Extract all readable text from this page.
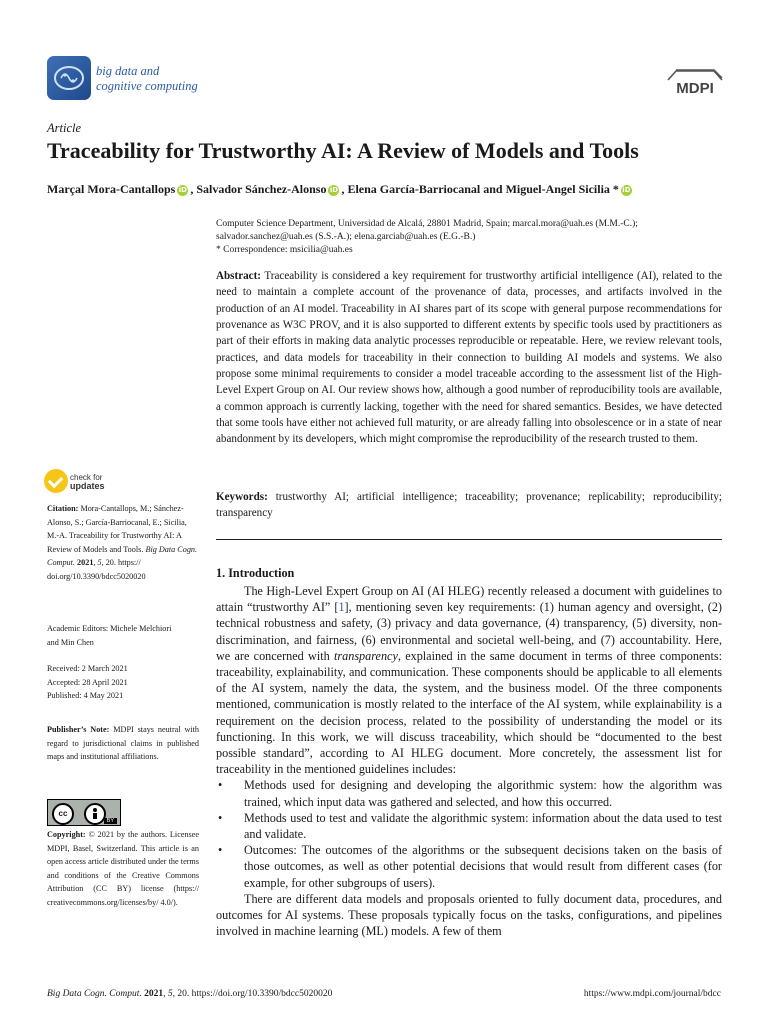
big data and
cognitive computing	MDPI
Article
Traceability for Trustworthy AI: A Review of Models and Tools
Marçal Mora-Cantallops iD , Salvador Sánchez-Alonso iD , Elena García-Barriocanal and Miguel-Angel Sicilia * iD
Computer Science Department, Universidad de Alcalá, 28801 Madrid, Spain; marcal.mora@uah.es (M.M.-C.);
salvador.sanchez@uah.es (S.S.-A.); elena.garciab@uah.es (E.G.-B.)
* Correspondence: msicilia@uah.es

Abstract: Traceability is considered a key requirement for trustworthy artificial intelligence (AI), related to the need to maintain a complete account of the provenance of data, processes, and artifacts involved in the production of an AI model. Traceability in AI shares part of its scope with general purpose recommendations for provenance as W3C PROV, and it is also supported to different extents by specific tools used by practitioners as part of their efforts in making data analytic processes reproducible or repeatable. Here, we review relevant tools, practices, and data models for traceability in their connection to building AI models and systems. We also propose some minimal requirements to consider a model traceable according to the assessment list of the High-Level Expert Group on AI. Our review shows how, although a good number of reproducibility tools are available, a common approach is currently lacking, together with the need for shared semantics. Besides, we have detected that some tools have either not achieved full maturity, or are already falling into obsolescence or in a state of near abandonment by its developers, which might compromise the reproducibility of the research trusted to them.

Keywords: trustworthy AI; artificial intelligence; traceability; provenance; replicability; reproducibility; transparency

check for
updates
Citation: Mora-Cantallops, M.; Sánchez-Alonso, S.; García-Barriocanal, E.; Sicilia, M.-A. Traceability for Trustworthy AI: A Review of Models and Tools. Big Data Cogn. Comput. 2021, 5, 20. https:// doi.org/10.3390/bdcc5020020
Academic Editors: Michele Melchiori
and Min Chen
Received: 2 March 2021
Accepted: 28 April 2021
Published: 4 May 2021
Publisher’s Note: MDPI stays neutral with regard to jurisdictional claims in published maps and institutional affiliations.
cc
BY
Copyright: © 2021 by the authors. Licensee MDPI, Basel, Switzerland. This article is an open access article distributed under the terms and conditions of the Creative Commons Attribution (CC BY) license (https:// creativecommons.org/licenses/by/ 4.0/).
1. Introduction

The High-Level Expert Group on AI (AI HLEG) recently released a document with guidelines to attain “trustworthy AI” [1], mentioning seven key requirements: (1) human agency and oversight, (2) technical robustness and safety, (3) privacy and data governance, (4) transparency, (5) diversity, non-discrimination, and fairness, (6) environmental and societal well-being, and (7) accountability. Here, we are concerned with transparency, explained in the same document in terms of three components: traceability, explainability, and communication. These components should be applicable to all elements of the AI system, namely the data, the system, and the business model. Of the three components mentioned, communication is mostly related to the interface of the AI system, while explainability is a requirement on the decision process, related to the possibility of understanding the model or its functioning. In this work, we will discuss traceability, which should be “documented to the best possible standard”, according to AI HLEG document. More concretely, the assessment list for traceability in the mentioned guidelines includes:

• Methods used for designing and developing the algorithmic system: how the algorithm was trained, which input data was gathered and selected, and how this occurred.
• Methods used to test and validate the algorithmic system: information about the data used to test and validate.
• Outcomes: The outcomes of the algorithms or the subsequent decisions taken on the basis of those outcomes, as well as other potential decisions that would result from different cases (for example, for other subgroups of users).

There are different data models and proposals oriented to fully document data, procedures, and outcomes for AI systems. These proposals typically focus on the tasks, configurations, and pipelines involved in machine learning (ML) models. A few of them

Big Data Cogn. Comput. 2021, 5, 20. https://doi.org/10.3390/bdcc5020020	https://www.mdpi.com/journal/bdcc
